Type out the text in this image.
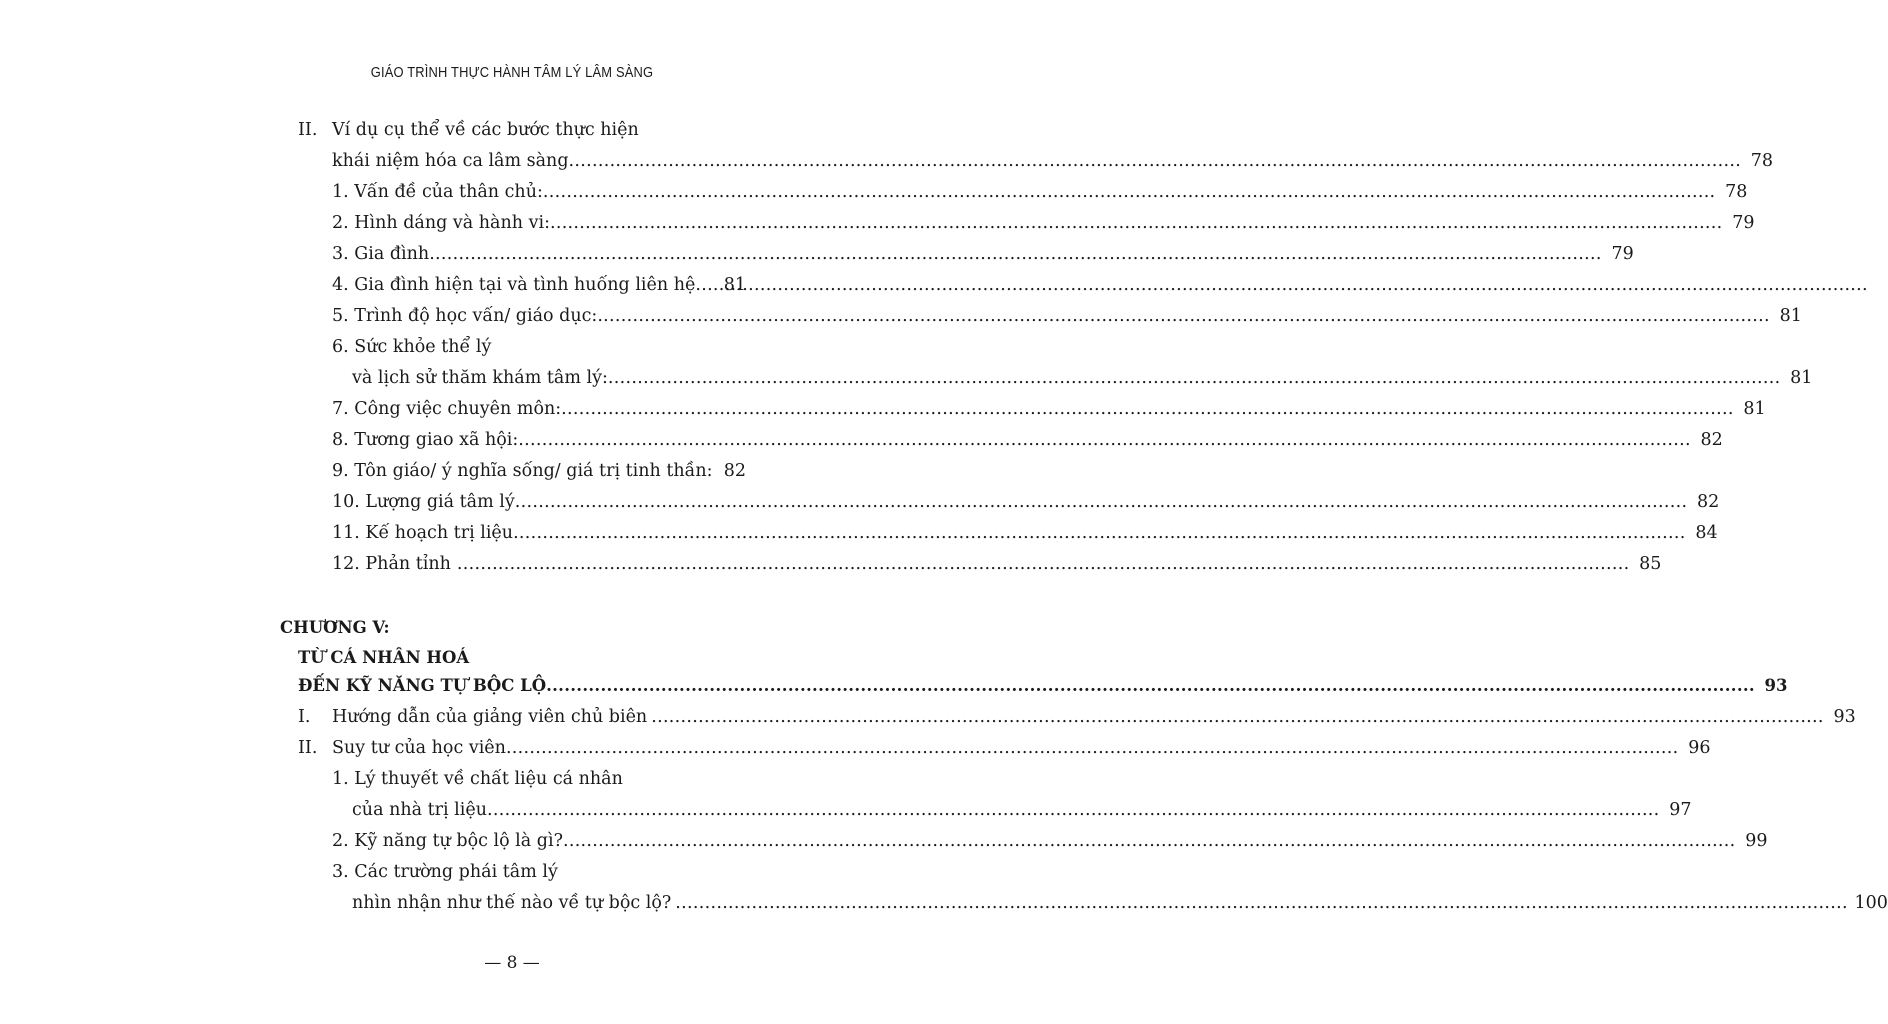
GIÁO TRÌNH THỰC HÀNH TÂM LÝ LÂM SÀNG
II. Ví dụ cụ thể về các bước thực hiện
khái niệm hóa ca lâm sàng .....	78
1. Vấn đề của thân chủ: .....	78
2. Hình dáng và hành vi: .....	79
3. Gia đình .....	79
4. Gia đình hiện tại và tình huống liên hệ .....	81
5. Trình độ học vấn/ giáo dục: .....	81
6. Sức khỏe thể lý
và lịch sử thăm khám tâm lý: .....	81
7. Công việc chuyên môn: .....	81
8. Tương giao xã hội: .....	82
9. Tôn giáo/ ý nghĩa sống/ giá trị tinh thần: 82
10. Lượng giá tâm lý .....	82
11. Kế hoạch trị liệu .....	84
12. Phản tỉnh .....	85
CHƯƠNG V:
TỪ CÁ NHÂN HOÁ
ĐẾN KỸ NĂNG TỰ BỘC LỘ .....	93
I.	Hướng dẫn của giảng viên chủ biên .....	93
II. Suy tư của học viên .....	96
1. Lý thuyết về chất liệu cá nhân
của nhà trị liệu .....	97
2. Kỹ năng tự bộc lộ là gì? .....	99
3. Các trường phái tâm lý
nhìn nhận như thế nào về tự bộc lộ? .....	100
— 8 —
